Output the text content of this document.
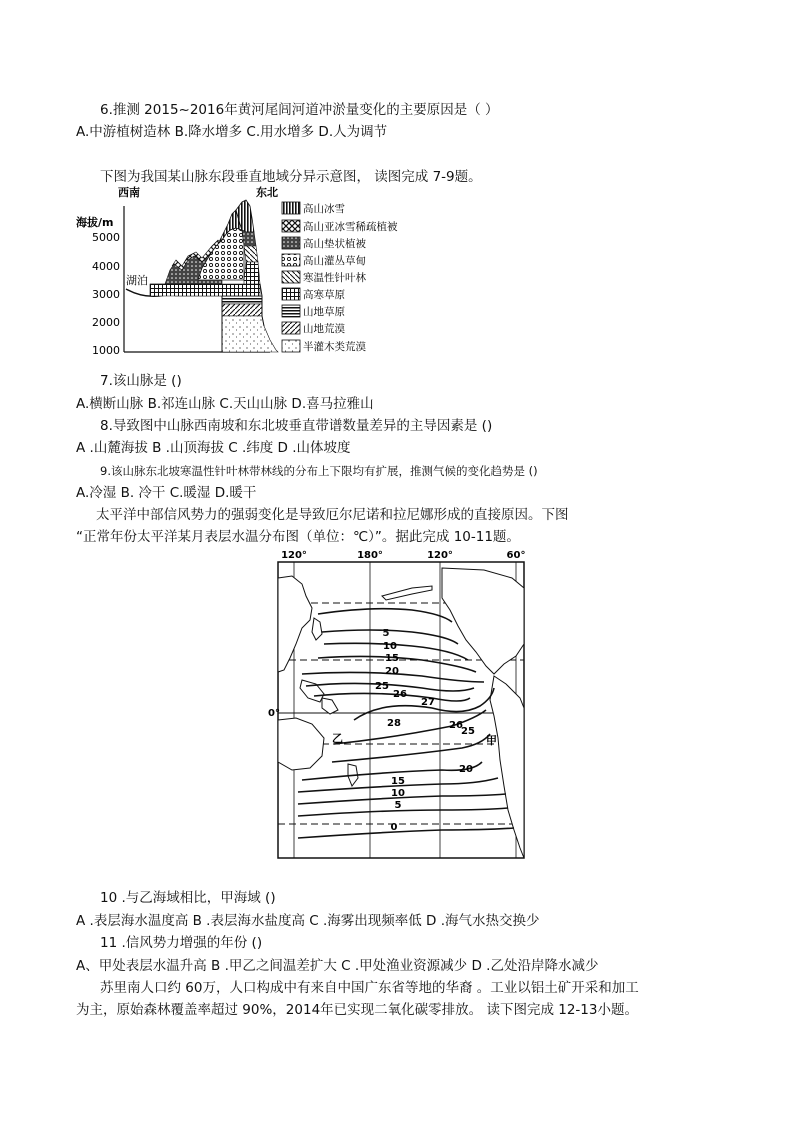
6.推测 2015~2016年黄河尾闾河道冲淤量变化的主要原因是（ ）
A.中游植树造林 B.降水增多 C.用水增多 D.人为调节
下图为我国某山脉东段垂直地域分异示意图， 读图完成 7-9题。
西南	东北
海拔/m
5000
4000
3000
2000
1000
湖泊
高山冰雪
高山亚冰雪稀疏植被
高山垫状植被
高山灌丛草甸
寒温性针叶林
高寒草原
山地草原
山地荒漠
半灌木类荒漠
7.该山脉是 ()
A.横断山脉 B.祁连山脉 C.天山山脉 D.喜马拉雅山
8.导致图中山脉西南坡和东北坡垂直带谱数量差异的主导因素是 ()
A .山麓海拔 B .山顶海拔 C .纬度 D .山体坡度
9.该山脉东北坡寒温性针叶林带林线的分布上下限均有扩展，推测气候的变化趋势是 ()
A.冷湿 B. 冷干 C.暖湿 D.暖干
太平洋中部信风势力的强弱变化是导致厄尔尼诺和拉尼娜形成的直接原因。下图
“正常年份太平洋某月表层水温分布图（单位：℃）”。据此完成 10-11题。
120°	180°	120°	60°
0°
5
10
15
20
25
26
27
28	26
25
20
15
10
5
0
甲
乙
10 .与乙海域相比，甲海域 ()
A .表层海水温度高 B .表层海水盐度高 C .海雾出现频率低 D .海气水热交换少
11 .信风势力增强的年份 ()
A、甲处表层水温升高 B .甲乙之间温差扩大 C .甲处渔业资源减少 D .乙处沿岸降水减少
苏里南人口约 60万，人口构成中有来自中国广东省等地的华裔 。工业以铝土矿开采和加工
为主，原始森林覆盖率超过 90%，2014年已实现二氧化碳零排放。 读下图完成 12-13小题。
